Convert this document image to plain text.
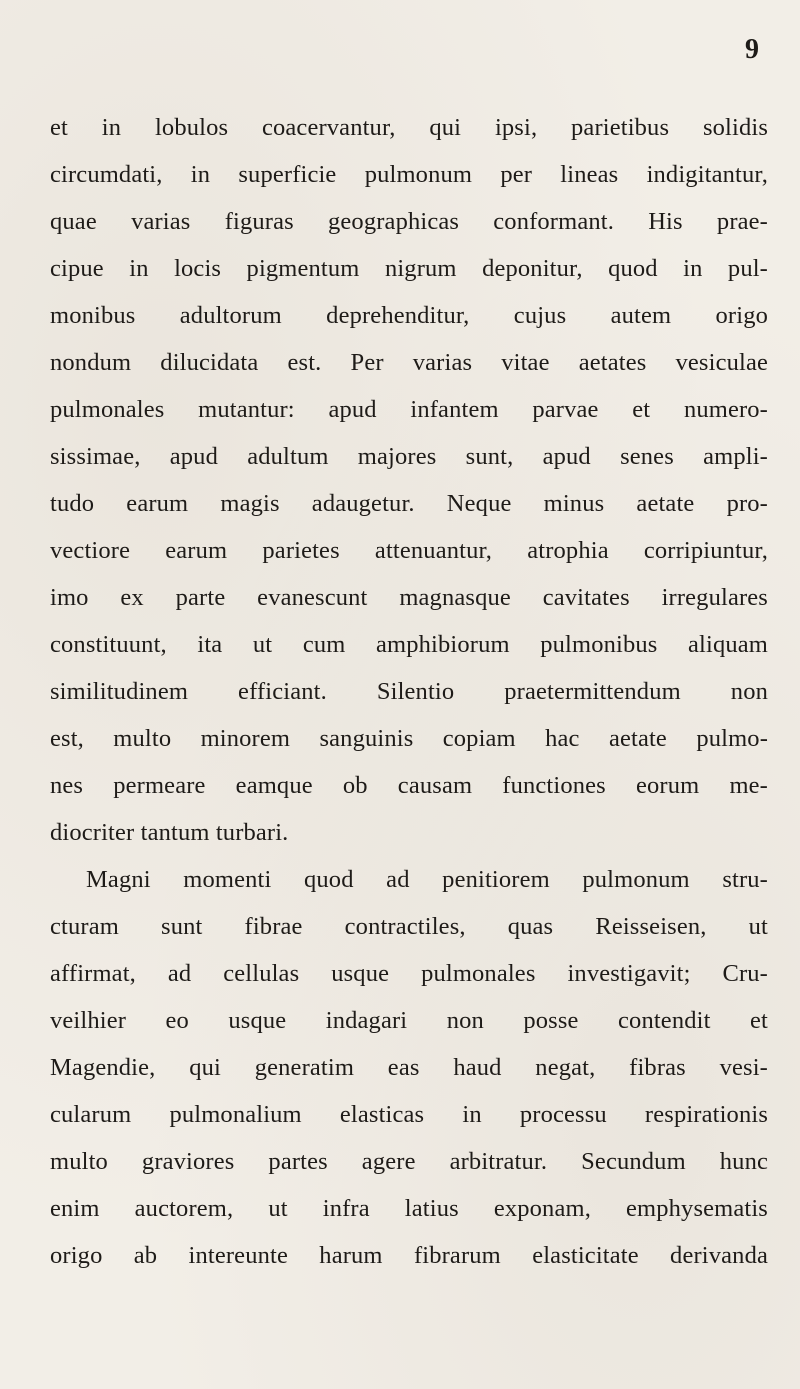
9
et in lobulos coacervantur, qui ipsi, parietibus solidis
circumdati, in superficie pulmonum per lineas indigitantur,
quae varias figuras geographicas conformant. His prae-
cipue in locis pigmentum nigrum deponitur, quod in pul-
monibus adultorum deprehenditur, cujus autem origo
nondum dilucidata est. Per varias vitae aetates vesiculae
pulmonales mutantur: apud infantem parvae et numero-
sissimae, apud adultum majores sunt, apud senes ampli-
tudo earum magis adaugetur. Neque minus aetate pro-
vectiore earum parietes attenuantur, atrophia corripiuntur,
imo ex parte evanescunt magnasque cavitates irregulares
constituunt, ita ut cum amphibiorum pulmonibus aliquam
similitudinem efficiant. Silentio praetermittendum non
est, multo minorem sanguinis copiam hac aetate pulmo-
nes permeare eamque ob causam functiones eorum me-
diocriter tantum turbari.
Magni momenti quod ad penitiorem pulmonum stru-
cturam sunt fibrae contractiles, quas Reisseisen, ut
affirmat, ad cellulas usque pulmonales investigavit; Cru-
veilhier eo usque indagari non posse contendit et
Magendie, qui generatim eas haud negat, fibras vesi-
cularum pulmonalium elasticas in processu respirationis
multo graviores partes agere arbitratur. Secundum hunc
enim auctorem, ut infra latius exponam, emphysematis
origo ab intereunte harum fibrarum elasticitate derivanda
